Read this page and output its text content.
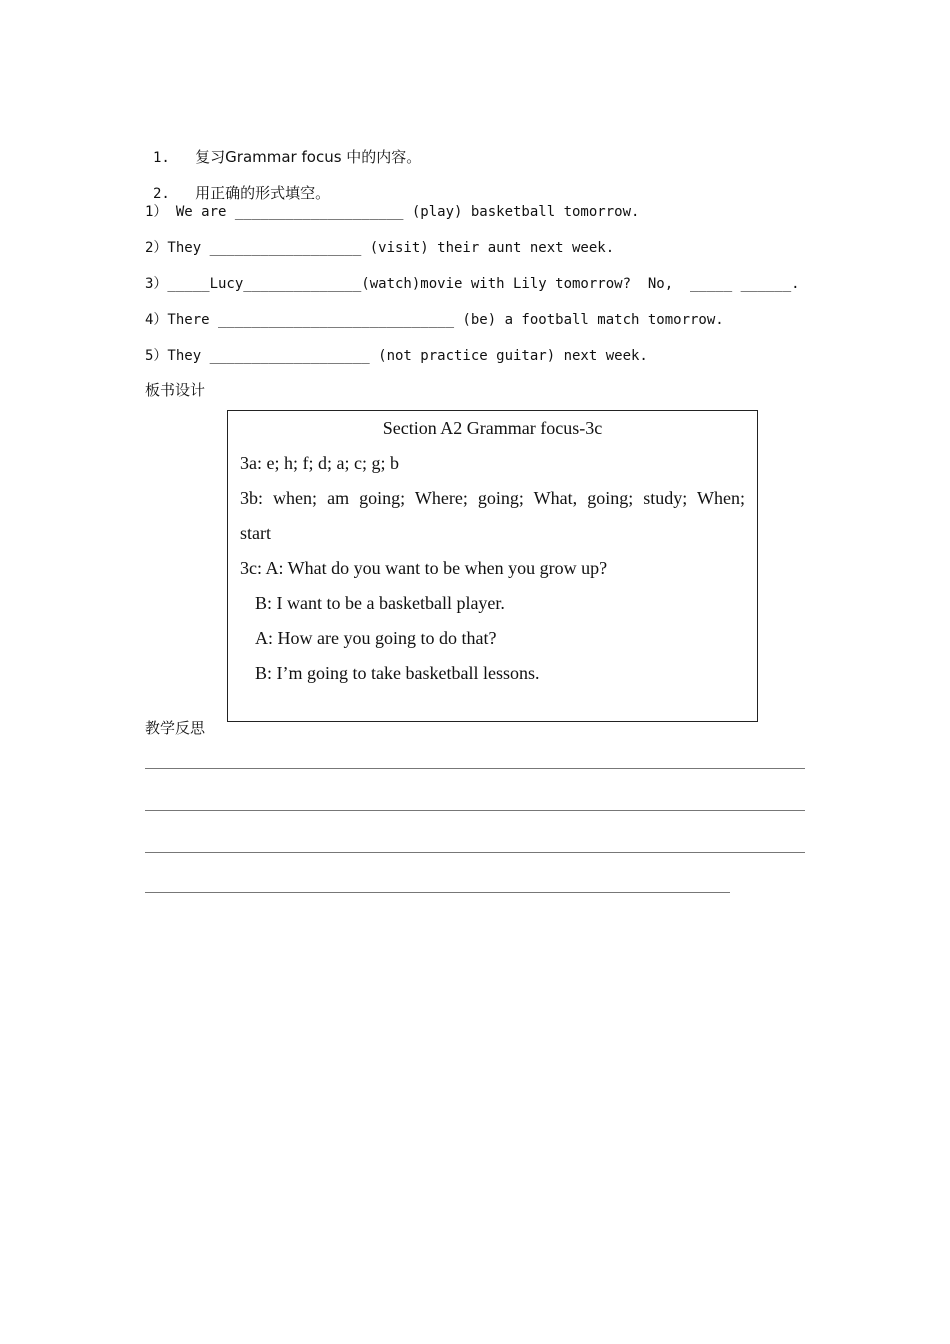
1. 复习Grammar focus 中的内容。

2. 用正确的形式填空。

1） We are ____________________ (play) basketball tomorrow.
2）They __________________ (visit) their aunt next week.
3）_____Lucy______________(watch)movie with Lily tomorrow?  No,  _____ ______.
4）There ____________________________ (be) a football match tomorrow.
5）They ___________________ (not practice guitar) next week.
板书设计
Section A2 Grammar focus-3c
3a: e; h; f; d; a; c; g; b
3b: when; am going; Where; going; What, going; study; When;
start
3c: A: What do you want to be when you grow up?
B: I want to be a basketball player.
A: How are you going to do that?
B: I’m going to take basketball lessons.
教学反思
